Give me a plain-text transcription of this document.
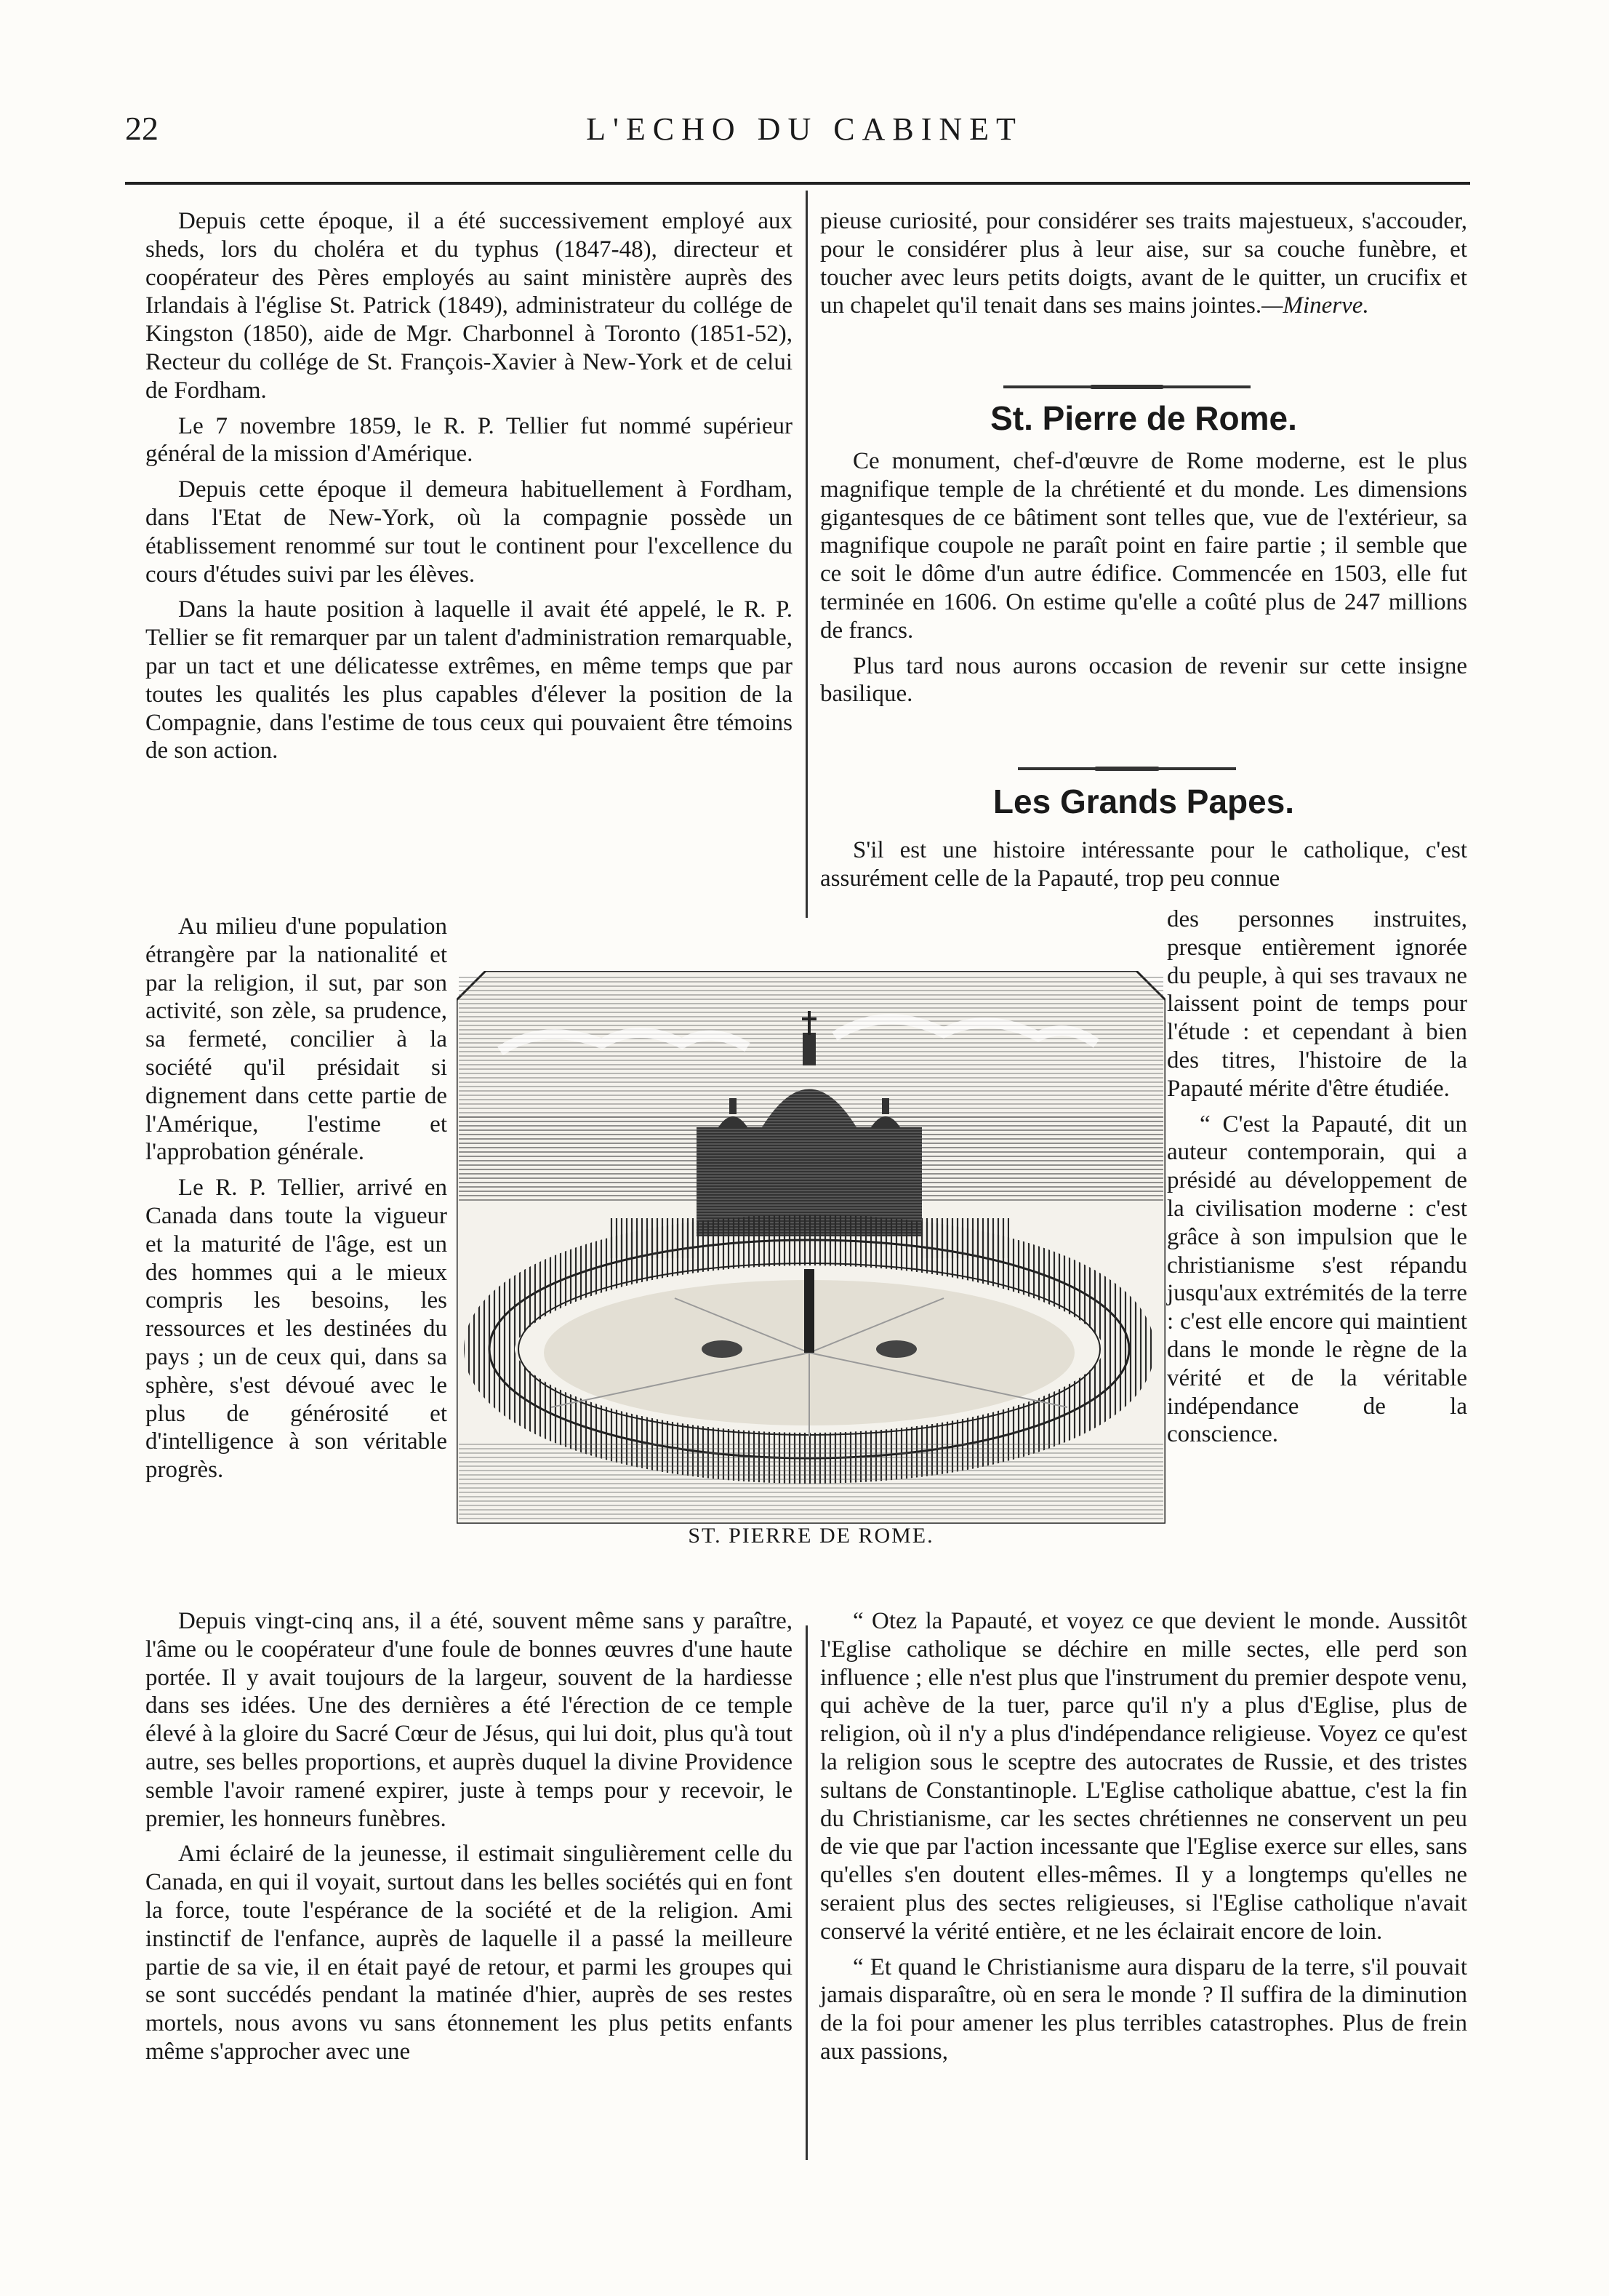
22	L'ECHO DU CABINET

Depuis cette époque, il a été successivement employé aux sheds, lors du choléra et du typhus (1847-48), directeur et coopérateur des Pères employés au saint ministère auprès des Irlandais à l'église St. Patrick (1849), administrateur du collége de Kingston (1850), aide de Mgr. Charbonnel à Toronto (1851-52), Recteur du collége de St. François-Xavier à New-York et de celui de Fordham.

Le 7 novembre 1859, le R. P. Tellier fut nommé supérieur général de la mission d'Amérique.

Depuis cette époque il demeura habituellement à Fordham, dans l'Etat de New-York, où la compagnie possède un établissement renommé sur tout le continent pour l'excellence du cours d'études suivi par les élèves.

Dans la haute position à laquelle il avait été appelé, le R. P. Tellier se fit remarquer par un talent d'administration remarquable, par un tact et une délicatesse extrêmes, en même temps que par toutes les qualités les plus capables d'élever la position de la Compagnie, dans l'estime de tous ceux qui pouvaient être témoins de son action.

Au milieu d'une population étrangère par la nationalité et par la religion, il sut, par son activité, son zèle, sa prudence, sa fermeté, concilier à la société qu'il présidait si dignement dans cette partie de l'Amérique, l'estime et l'approbation générale.

Le R. P. Tellier, arrivé en Canada dans toute la vigueur et la maturité de l'âge, est un des hommes qui a le mieux compris les besoins, les ressources et les destinées du pays ; un de ceux qui, dans sa sphère, s'est dévoué avec le plus de générosité et d'intelligence à son véritable progrès.

Depuis vingt-cinq ans, il a été, souvent même sans y paraître, l'âme ou le coopérateur d'une foule de bonnes œuvres d'une haute portée. Il y avait toujours de la largeur, souvent de la hardiesse dans ses idées. Une des dernières a été l'érection de ce temple élevé à la gloire du Sacré Cœur de Jésus, qui lui doit, plus qu'à tout autre, ses belles proportions, et auprès duquel la divine Providence semble l'avoir ramené expirer, juste à temps pour y recevoir, le premier, les honneurs funèbres.

Ami éclairé de la jeunesse, il estimait singulièrement celle du Canada, en qui il voyait, surtout dans les belles sociétés qui en font la force, toute l'espérance de la société et de la religion. Ami instinctif de l'enfance, auprès de laquelle il a passé la meilleure partie de sa vie, il en était payé de retour, et parmi les groupes qui se sont succédés pendant la matinée d'hier, auprès de ses restes mortels, nous avons vu sans étonnement les plus petits enfants même s'approcher avec une

pieuse curiosité, pour considérer ses traits majestueux, s'accouder, pour le considérer plus à leur aise, sur sa couche funèbre, et toucher avec leurs petits doigts, avant de le quitter, un crucifix et un chapelet qu'il tenait dans ses mains jointes.—Minerve.

St. Pierre de Rome.

Ce monument, chef-d'œuvre de Rome moderne, est le plus magnifique temple de la chrétienté et du monde. Les dimensions gigantesques de ce bâtiment sont telles que, vue de l'extérieur, sa magnifique coupole ne paraît point en faire partie ; il semble que ce soit le dôme d'un autre édifice. Commencée en 1503, elle fut terminée en 1606. On estime qu'elle a coûté plus de 247 millions de francs.

Plus tard nous aurons occasion de revenir sur cette insigne basilique.

Les Grands Papes.

S'il est une histoire intéressante pour le catholique, c'est assurément celle de la Papauté, trop peu connue

des personnes instruites, presque entièrement ignorée du peuple, à qui ses travaux ne laissent point de temps pour l'étude : et cependant à bien des titres, l'histoire de la Papauté mérite d'être étudiée.

“ C'est la Papauté, dit un auteur contemporain, qui a présidé au développement de la civilisation moderne : c'est grâce à son impulsion que le christianisme s'est répandu jusqu'aux extrémités de la terre : c'est elle encore qui maintient dans le monde le règne de la vérité et de la véritable indépendance de la conscience.

“ Otez la Papauté, et voyez ce que devient le monde. Aussitôt l'Eglise catholique se déchire en mille sectes, elle perd son influence ; elle n'est plus que l'instrument du premier despote venu, qui achève de la tuer, parce qu'il n'y a plus d'Eglise, plus de religion, où il n'y a plus d'indépendance religieuse. Voyez ce qu'est la religion sous le sceptre des autocrates de Russie, et des tristes sultans de Constantinople. L'Eglise catholique abattue, c'est la fin du Christianisme, car les sectes chrétiennes ne conservent un peu de vie que par l'action incessante que l'Eglise exerce sur elles, sans qu'elles s'en doutent elles-mêmes. Il y a longtemps qu'elles ne seraient plus des sectes religieuses, si l'Eglise catholique n'avait conservé la vérité entière, et ne les éclairait encore de loin.

“ Et quand le Christianisme aura disparu de la terre, s'il pouvait jamais disparaître, où en sera le monde ? Il suffira de la diminution de la foi pour amener les plus terribles catastrophes. Plus de frein aux passions,

ST. PIERRE DE ROME.
